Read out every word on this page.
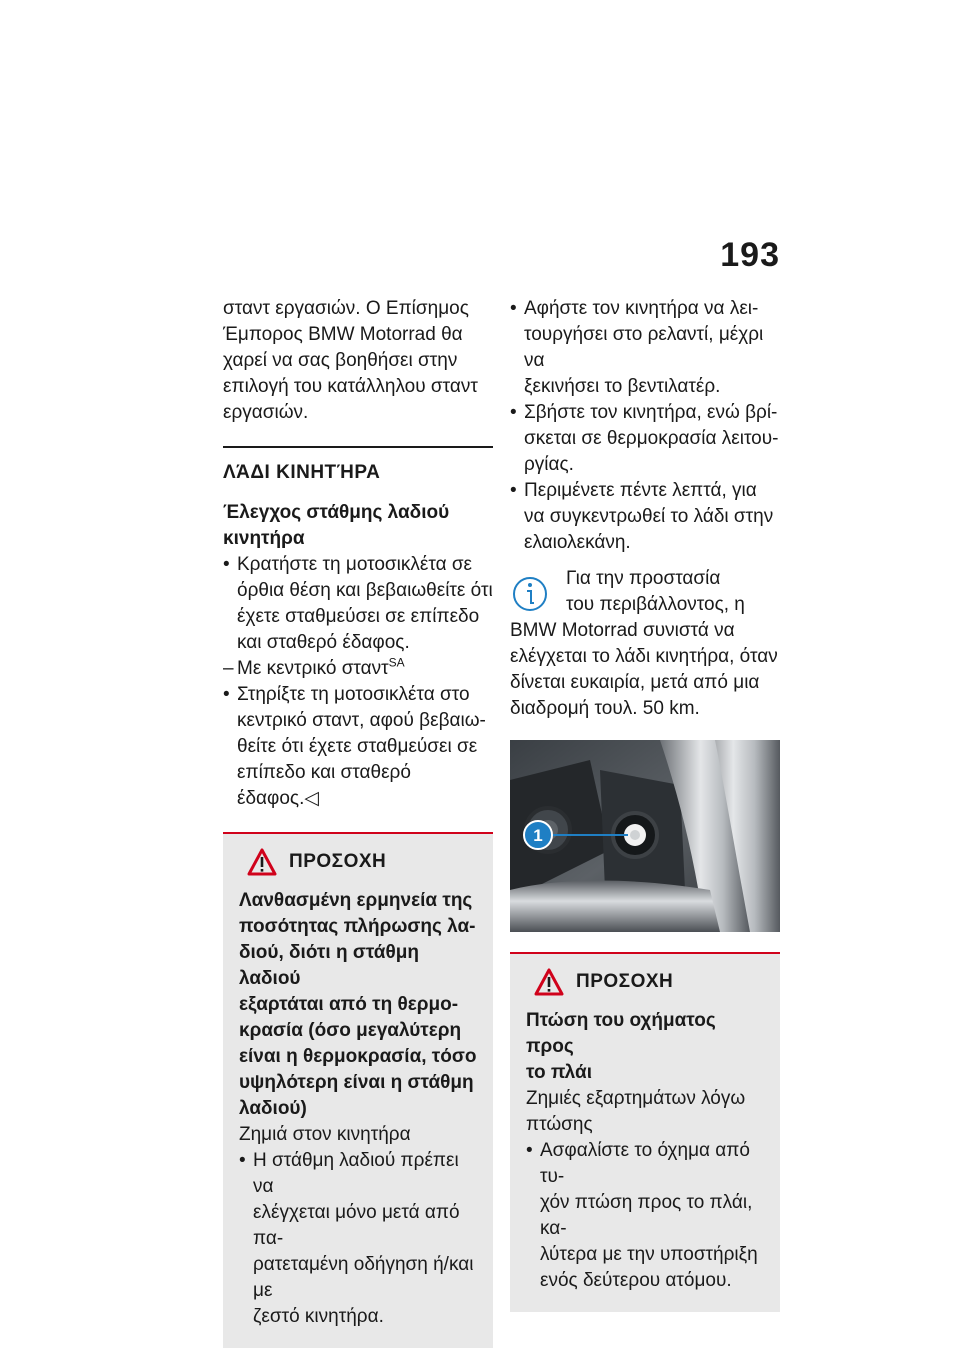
193

σταντ εργασιών. Ο Επίσημος

Έμπορος BMW Motorrad θα

χαρεί να σας βοηθήσει στην

επιλογή του κατάλληλου σταντ

εργασιών.

ΛΆΔΙ ΚΙΝΗΤΉΡΑ
Έλεγχος στάθμης λαδιού
κινητήρα
• Κρατήστε τη μοτοσικλέτα σε

όρθια θέση και βεβαιωθείτε ότι

έχετε σταθμεύσει σε επίπεδο

και σταθερό έδαφος.

– Με κεντρικό σταντ$^{SA}$

• Στηρίξτε τη μοτοσικλέτα στο

κεντρικό σταντ, αφού βεβαιω-

θείτε ότι έχετε σταθμεύσει σε

επίπεδο και σταθερό έδαφος.◁

ΠΡΟΣΟΧΗ

Λανθασμένη ερμηνεία της

ποσότητας πλήρωσης λα-

διού, διότι η στάθμη λαδιού

εξαρτάται από τη θερμο-

κρασία (όσο μεγαλύτερη

είναι η θερμοκρασία, τόσο

υψηλότερη είναι η στάθμη

λαδιού)

Ζημιά στον κινητήρα

• Η στάθμη λαδιού πρέπει να

ελέγχεται μόνο μετά από πα-

ρατεταμένη οδήγηση ή/και με

ζεστό κινητήρα.

• Αφήστε τον κινητήρα να λει-

τουργήσει στο ρελαντί, μέχρι να

ξεκινήσει το βεντιλατέρ.

• Σβήστε τον κινητήρα, ενώ βρί-

σκεται σε θερμοκρασία λειτου-

ργίας.

• Περιμένετε πέντε λεπτά, για

να συγκεντρωθεί το λάδι στην

ελαιολεκάνη.

Για την προστασία
του περιβάλλοντος, η

BMW Motorrad συνιστά να

ελέγχεται το λάδι κινητήρα, όταν

δίνεται ευκαιρία, μετά από μια

διαδρομή τουλ. 50 km.

1
ΠΡΟΣΟΧΗ

Πτώση του οχήματος προς

το πλάι

Ζημιές εξαρτημάτων λόγω

πτώσης

• Ασφαλίστε το όχημα από τυ-

χόν πτώση προς το πλάι, κα-

λύτερα με την υποστήριξη

ενός δεύτερου ατόμου.
